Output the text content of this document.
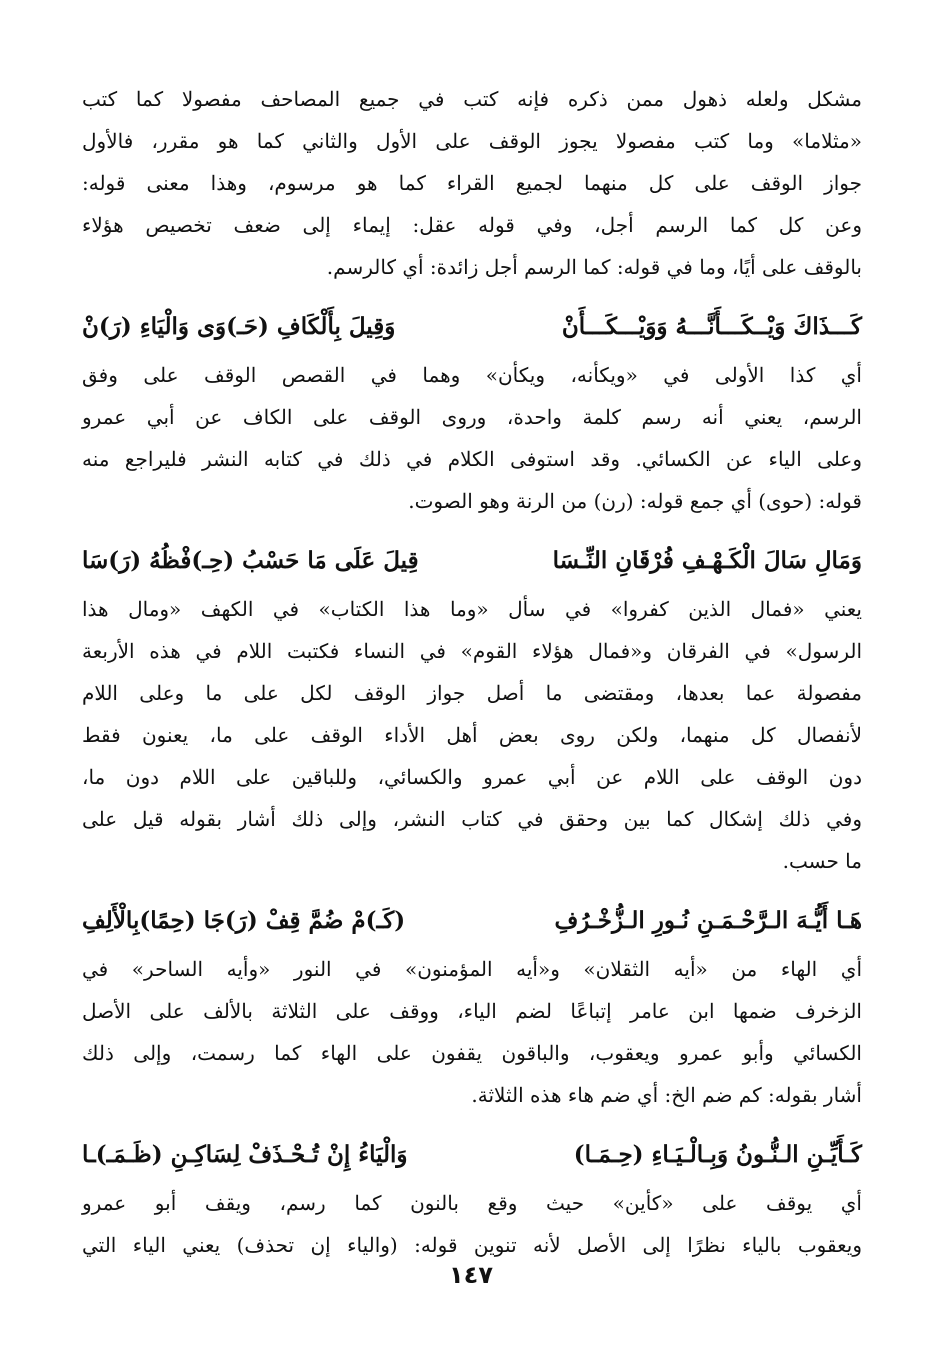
مشكل ولعله ذهول ممن ذكره فإنه كتب في جميع المصاحف مفصولا كما كتب
«مثلاما» وما كتب مفصولا يجوز الوقف على الأول والثاني كما هو مقرر، فالأول
جواز الوقف على كل منهما لجميع القراء كما هو مرسوم، وهذا معنى قوله:
وعن كل كما الرسم أجل، وفي قوله عقل: إيماء إلى ضعف تخصيص هؤلاء
بالوقف على أيًا، وما في قوله: كما الرسم أجل زائدة: أي كالرسم.

كَـــذَاكَ وَيْــكَـــأَنَّـــهُ وَوَيْـــكَـــأَنْ
وَقِيلَ بِأَلْكَافِ (حَـ)وَى وَالْيَاءِ (رَ)نْ

أي كذا الأولى في «ويكأنه، ويكأن» وهما في القصص الوقف على وفق
الرسم، يعني أنه رسم كلمة واحدة، وروى الوقف على الكاف عن أبي عمرو
وعلى الياء عن الكسائي. وقد استوفى الكلام في ذلك في كتابه النشر فليراجع منه
قوله: (حوى) أي جمع قوله: (رن) من الرنة وهو الصوت.

وَمَالِ سَالَ الْكَـهْـفِ فُرْقَانِ النِّـسَا
قِيلَ عَلَى مَا حَسْبُ (حِـ)فْظُهُ (رَ)سَا

يعني «فمال الذين كفروا» في سأل «وما هذا الكتاب» في الكهف «ومال هذا
الرسول» في الفرقان و«فمال هؤلاء القوم» في النساء فكتبت اللام في هذه الأربعة
مفصولة عما بعدها، ومقتضى ما أصل جواز الوقف لكل على ما وعلى اللام
لأنفصال كل منهما، ولكن روى بعض أهل الأداء الوقف على ما، يعنون فقط
دون الوقف على اللام عن أبي عمرو والكسائي، وللباقين على اللام دون ما،
وفي ذلك إشكال كما بين وحقق في كتاب النشر، وإلى ذلك أشار بقوله قيل على
ما حسب.

هَـا أَيُّـهَ الـرَّحْـمَـنِ نُـورِ الـزُّخْـرُفِ
(كَـ)مْ ضُمَّ قِفْ (رَ)جَا (حِمًا)بِالْأَلِفِ

أي الهاء من «أيه الثقلان» و«أيه المؤمنون» في النور «وأيه الساحر» في
الزخرف ضمها ابن عامر إتباعًا لضم الياء، ووقف على الثلاثة بالألف على الأصل
الكسائي وأبو عمرو ويعقوب، والباقون يقفون على الهاء كما رسمت، وإلى ذلك
أشار بقوله: كم ضم الخ: أي ضم هاء هذه الثلاثة.

كَـأَيِّـنِ الـنُّـونُ وَبِـالْـيَـاءِ (حِـمَـا)
وَالْيَاءُ إِنْ تُـحْـذَفْ لِسَاكِـنِ (ظَـمَـ)ـا

أي يوقف على «كأين» حيث وقع بالنون كما رسم، ويقف أبو عمرو
ويعقوب بالياء نظرًا إلى الأصل لأنه تنوين قوله: (والياء إن تحذف) يعني الياء التي

١٤٧
